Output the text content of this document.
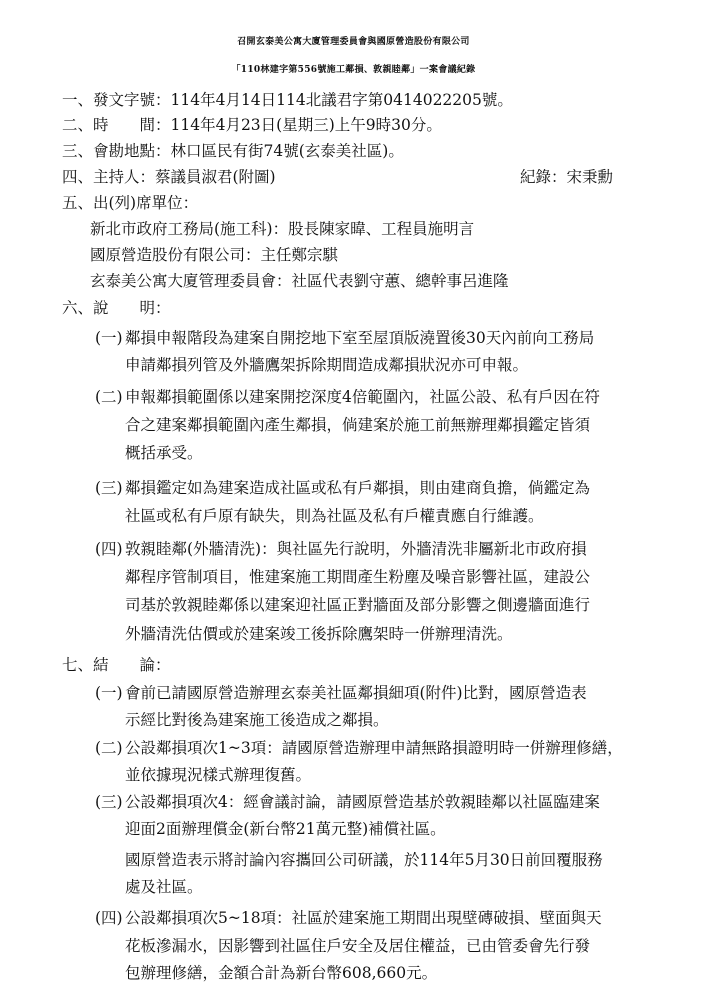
召開玄泰美公寓大廈管理委員會與國原營造股份有限公司
「110林建字第556號施工鄰損、敦親睦鄰」一案會議紀錄
一、發文字號：114年4月14日114北議君字第0414022205號。
二、時　　間：114年4月23日(星期三)上午9時30分。
三、會勘地點：林口區民有街74號(玄泰美社區)。
四、主持人：蔡議員淑君(附圖)	紀錄：宋秉勳
五、出(列)席單位：
新北市政府工務局(施工科)：股長陳家暐、工程員施明言
國原營造股份有限公司：主任鄭宗騏
玄泰美公寓大廈管理委員會：社區代表劉守蕙、總幹事呂進隆
六、說　　明：
(一) 鄰損申報階段為建案自開挖地下室至屋頂版澆置後30天內前向工務局
申請鄰損列管及外牆鷹架拆除期間造成鄰損狀況亦可申報。
(二) 申報鄰損範圍係以建案開挖深度4倍範圍內，社區公設、私有戶因在符
合之建案鄰損範圍內產生鄰損，倘建案於施工前無辦理鄰損鑑定皆須
概括承受。
(三) 鄰損鑑定如為建案造成社區或私有戶鄰損，則由建商負擔，倘鑑定為
社區或私有戶原有缺失，則為社區及私有戶權責應自行維護。
(四) 敦親睦鄰(外牆清洗)：與社區先行說明，外牆清洗非屬新北市政府損
鄰程序管制項目，惟建案施工期間產生粉塵及噪音影響社區，建設公
司基於敦親睦鄰係以建案迎社區正對牆面及部分影響之側邊牆面進行
外牆清洗估價或於建案竣工後拆除鷹架時一併辦理清洗。
七、結　　論：
(一) 會前已請國原營造辦理玄泰美社區鄰損細項(附件)比對，國原營造表
示經比對後為建案施工後造成之鄰損。
(二) 公設鄰損項次1~3項：請國原營造辦理申請無路損證明時一併辦理修繕，
並依據現況樣式辦理復舊。
(三) 公設鄰損項次4：經會議討論，請國原營造基於敦親睦鄰以社區臨建案
迎面2面辦理償金(新台幣21萬元整)補償社區。
國原營造表示將討論內容攜回公司研議，於114年5月30日前回覆服務
處及社區。
(四) 公設鄰損項次5~18項：社區於建案施工期間出現壁磚破損、壁面與天
花板滲漏水，因影響到社區住戶安全及居住權益，已由管委會先行發
包辦理修繕，金額合計為新台幣608,660元。
